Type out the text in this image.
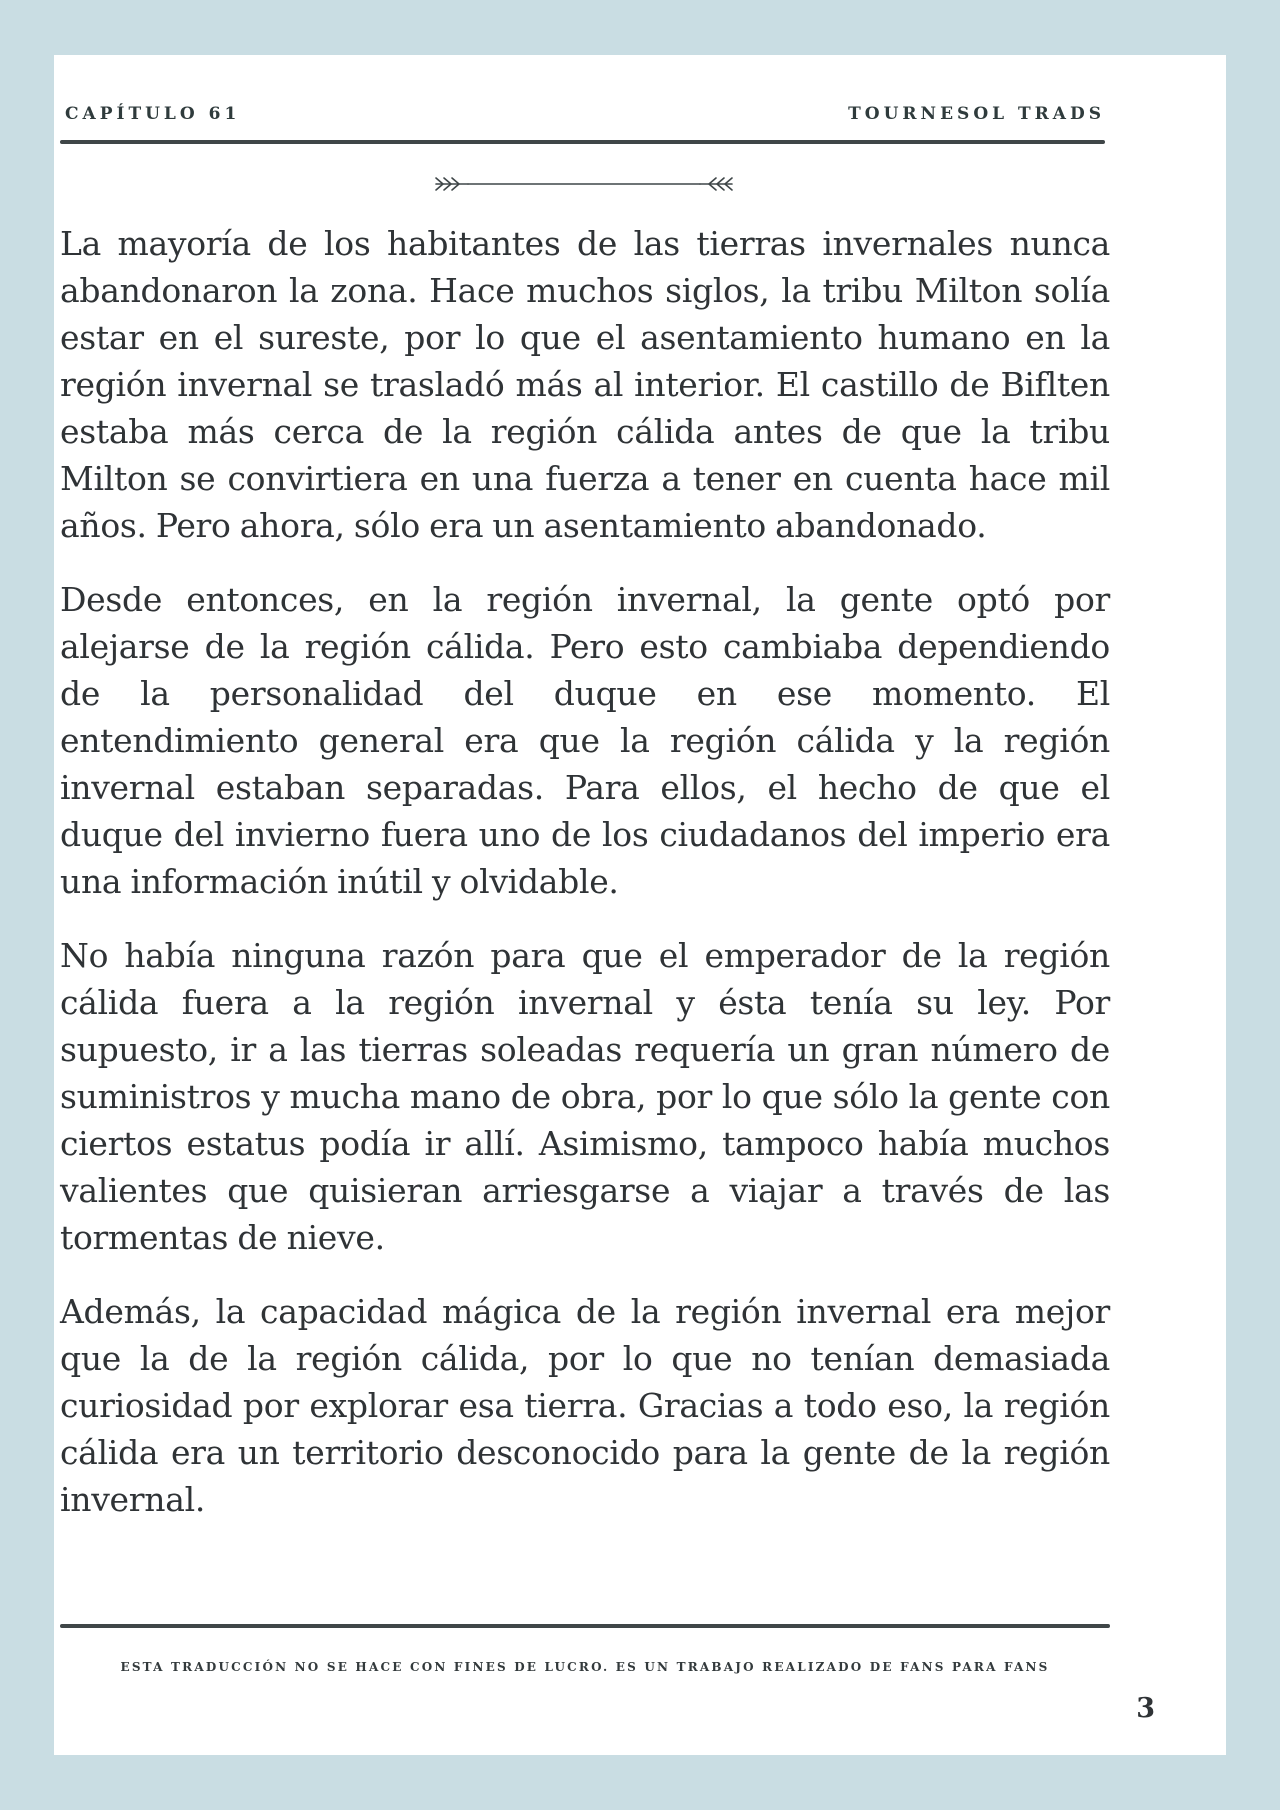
CAPÍTULO 61	TOURNESOL TRADS

La mayoría de los habitantes de las tierras invernales nunca abandonaron la zona. Hace muchos siglos, la tribu Milton solía estar en el sureste, por lo que el asentamiento humano en la región invernal se trasladó más al interior. El castillo de Biflten estaba más cerca de la región cálida antes de que la tribu Milton se convirtiera en una fuerza a tener en cuenta hace mil años. Pero ahora, sólo era un asentamiento abandonado.

Desde entonces, en la región invernal, la gente optó por alejarse de la región cálida. Pero esto cambiaba dependiendo de la personalidad del duque en ese momento. El entendimiento general era que la región cálida y la región invernal estaban separadas. Para ellos, el hecho de que el duque del invierno fuera uno de los ciudadanos del imperio era una información inútil y olvidable.

No había ninguna razón para que el emperador de la región cálida fuera a la región invernal y ésta tenía su ley. Por supuesto, ir a las tierras soleadas requería un gran número de suministros y mucha mano de obra, por lo que sólo la gente con ciertos estatus podía ir allí. Asimismo, tampoco había muchos valientes que quisieran arriesgarse a viajar a través de las tormentas de nieve.

Además, la capacidad mágica de la región invernal era mejor que la de la región cálida, por lo que no tenían demasiada curiosidad por explorar esa tierra. Gracias a todo eso, la región cálida era un territorio desconocido para la gente de la región invernal.

ESTA TRADUCCIÓN NO SE HACE CON FINES DE LUCRO. ES UN TRABAJO REALIZADO DE FANS PARA FANS
3
